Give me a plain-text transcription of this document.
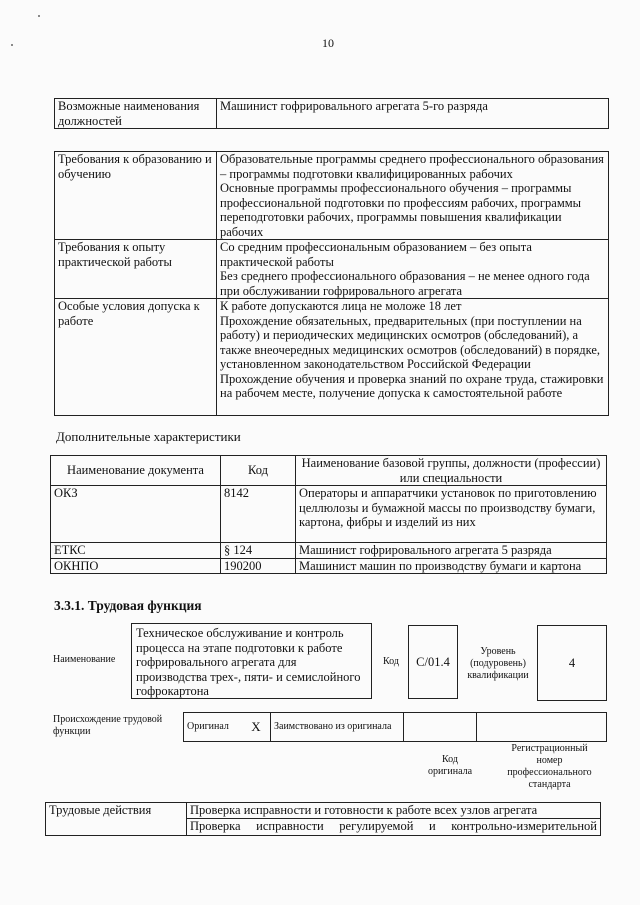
10
Возможные наименования должностей	Машинист гофрировального агрегата 5-го разряда
Требования к образованию и обучению	Образовательные программы среднего профессионального образования – программы подготовки квалифицированных рабочих
Основные программы профессионального обучения – программы профессиональной подготовки по профессиям рабочих, программы переподготовки рабочих, программы повышения квалификации рабочих

Требования к опыту практической работы	Со средним профессиональным образованием – без опыта практической работы
Без среднего профессионального образования – не менее одного года при обслуживании гофрировального агрегата

Особые условия допуска к работе	К работе допускаются лица не моложе 18 лет
Прохождение обязательных, предварительных (при поступлении на работу) и периодических медицинских осмотров (обследований), а также внеочередных медицинских осмотров (обследований) в порядке, установленном законодательством Российской Федерации
Прохождение обучения и проверка знаний по охране труда, стажировки на рабочем месте, получение допуска к самостоятельной работе
Дополнительные характеристики
Наименование документа	Код	Наименование базовой группы, должности (профессии) или специальности
ОКЗ	8142	Операторы и аппаратчики установок по приготовлению целлюлозы и бумажной массы по производству бумаги, картона, фибры и изделий из них
ЕТКС	§ 124	Машинист гофрировального агрегата 5 разряда
ОКНПО	190200	Машинист машин по производству бумаги и картона
3.3.1. Трудовая функция
Наименование
Техническое обслуживание и контроль процесса на этапе подготовки к работе гофрировального агрегата для производства трех-, пяти- и семислойного гофрокартона
Код	C/01.4
Уровень (подуровень) квалификации
4
Происхождение трудовой функции	Оригинал	X	Заимствовано из оригинала		
Код оригинала
Регистрационный номер профессионального стандарта
Трудовые действия	Проверка исправности и готовности к работе всех узлов агрегата
Проверка исправности регулируемой и контрольно-измерительной
